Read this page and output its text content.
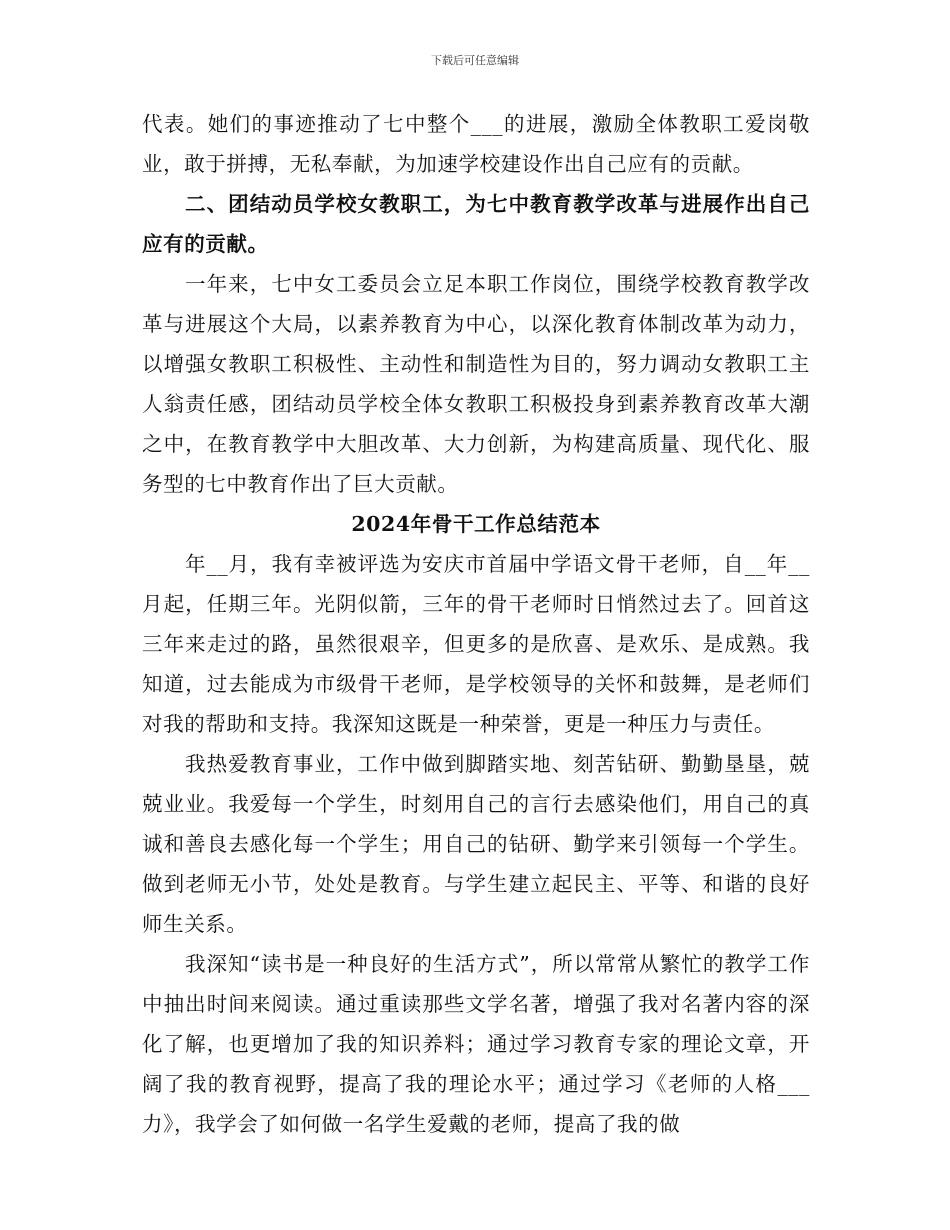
下载后可任意编辑

代表。她们的事迹推动了七中整个___的进展，激励全体教职工爱岗敬业，敢于拼搏，无私奉献，为加速学校建设作出自己应有的贡献。

二、团结动员学校女教职工，为七中教育教学改革与进展作出自己应有的贡献。

一年来，七中女工委员会立足本职工作岗位，围绕学校教育教学改革与进展这个大局，以素养教育为中心，以深化教育体制改革为动力，以增强女教职工积极性、主动性和制造性为目的，努力调动女教职工主人翁责任感，团结动员学校全体女教职工积极投身到素养教育改革大潮之中，在教育教学中大胆改革、大力创新，为构建高质量、现代化、服务型的七中教育作出了巨大贡献。

2024年骨干工作总结范本

年__月，我有幸被评选为安庆市首届中学语文骨干老师，自__年__月起，任期三年。光阴似箭，三年的骨干老师时日悄然过去了。回首这三年来走过的路，虽然很艰辛，但更多的是欣喜、是欢乐、是成熟。我知道，过去能成为市级骨干老师，是学校领导的关怀和鼓舞，是老师们对我的帮助和支持。我深知这既是一种荣誉，更是一种压力与责任。

我热爱教育事业，工作中做到脚踏实地、刻苦钻研、勤勤垦垦，兢兢业业。我爱每一个学生，时刻用自己的言行去感染他们，用自己的真诚和善良去感化每一个学生；用自己的钻研、勤学来引领每一个学生。做到老师无小节，处处是教育。与学生建立起民主、平等、和谐的良好师生关系。

我深知“读书是一种良好的生活方式”，所以常常从繁忙的教学工作中抽出时间来阅读。通过重读那些文学名著，增强了我对名著内容的深化了解，也更增加了我的知识养料；通过学习教育专家的理论文章，开阔了我的教育视野，提高了我的理论水平；通过学习《老师的人格___力》，我学会了如何做一名学生爱戴的老师，提高了我的做
